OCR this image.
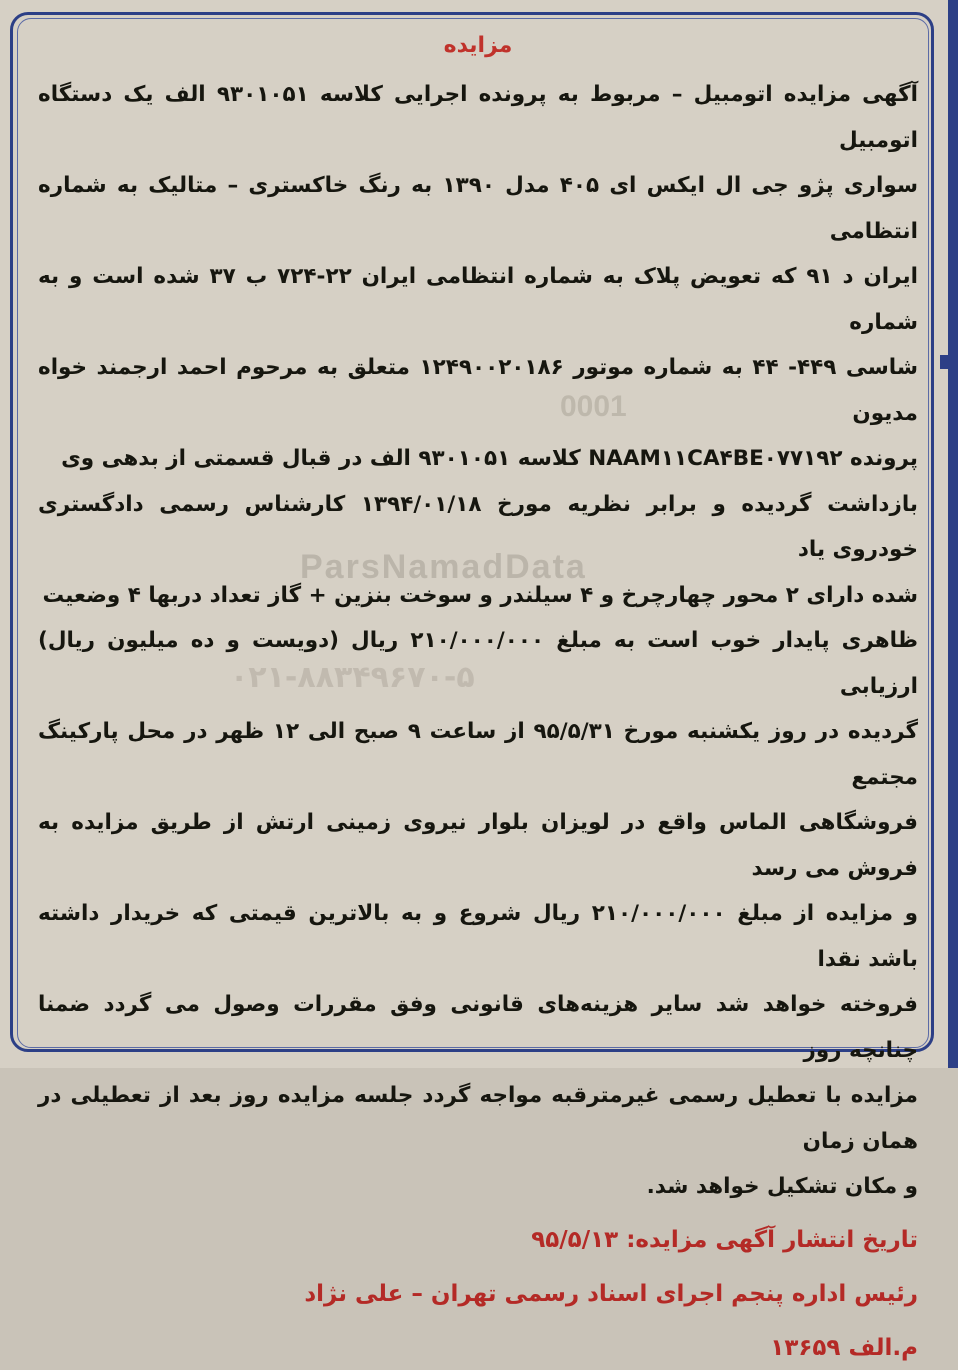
0001
ParsNamadData
۰۲۱-۸۸۳۴۹۶۷۰-۵
مزایده

آگهی مزایده اتومبیل – مربوط به پرونده اجرایی کلاسه ۹۳۰۱۰۵۱ الف یک دستگاه اتومبیل
سواری پژو جی ال ایکس ای ۴۰۵ مدل ۱۳۹۰ به رنگ خاکستری – متالیک به شماره انتظامی
ایران د ۹۱ که تعویض پلاک به شماره انتظامی ایران ۲۲-۷۲۴ ب ۳۷ شده است و به شماره
شاسی ۴۴۹- ۴۴ به شماره موتور ۱۲۴۹۰۰۲۰۱۸۶ متعلق به مرحوم احمد ارجمند خواه مدیون
پرونده NAAM۱۱CA۴BE۰۷۷۱۹۲ کلاسه ۹۳۰۱۰۵۱ الف در قبال قسمتی از بدهی وی
بازداشت گردیده و برابر نظریه مورخ ۱۳۹۴/۰۱/۱۸ کارشناس رسمی دادگستری خودروی یاد
شده دارای ۲ محور چهارچرخ و ۴ سیلندر و سوخت بنزین + گاز تعداد دربها ۴ وضعیت
ظاهری پایدار خوب است به مبلغ ۲۱۰/۰۰۰/۰۰۰ ریال (دویست و ده میلیون ریال) ارزیابی
گردیده در روز یکشنبه مورخ ۹۵/۵/۳۱ از ساعت ۹ صبح الی ۱۲ ظهر در محل پارکینگ مجتمع
فروشگاهی الماس واقع در لویزان بلوار نیروی زمینی ارتش از طریق مزایده به فروش می رسد
و مزایده از مبلغ ۲۱۰/۰۰۰/۰۰۰ ریال شروع و به بالاترین قیمتی که خریدار داشته باشد نقدا
فروخته خواهد شد سایر هزینه‌های قانونی وفق مقررات وصول می گردد ضمنا چنانچه روز
مزایده با تعطیل رسمی غیرمترقبه مواجه گردد جلسه مزایده روز بعد از تعطیلی در همان زمان
و مکان تشکیل خواهد شد.

تاریخ انتشار آگهی مزایده: ۹۵/۵/۱۳
رئیس اداره پنجم اجرای اسناد رسمی تهران – علی نژاد
م.الف ۱۳۶۵۹
